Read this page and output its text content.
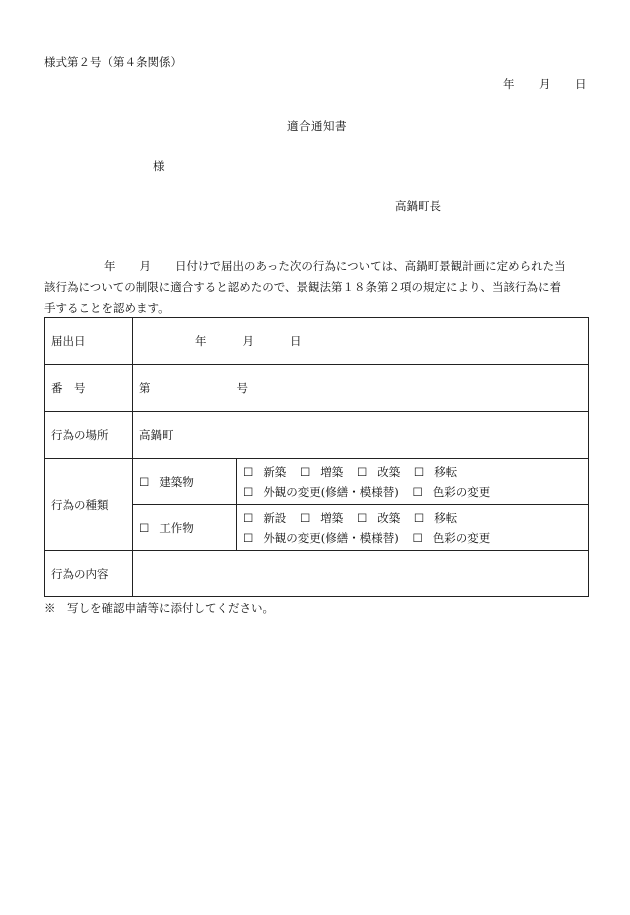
様式第２号（第４条関係）
年 月 日
適合通知書
様
高鍋町長

年 月 日付けで届出のあった次の行為については、高鍋町景観計画に定められた当

該行為についての制限に適合すると認めたので、景観法第１８条第２項の規定により、当該行為に着

手することを認めます。

届出日	年 月 日	
番　号	第 号	
行為の場所	高鍋町	
行為の種類	☐ 建築物	☐ 新築 ☐ 増築 ☐ 改築 ☐ 移転
☐ 外観の変更(修繕・模様替) ☐ 色彩の変更

	☐ 工作物	☐ 新設 ☐ 増築 ☐ 改築 ☐ 移転
☐ 外観の変更(修繕・模様替) ☐ 色彩の変更

行為の内容		
※　写しを確認申請等に添付してください。
